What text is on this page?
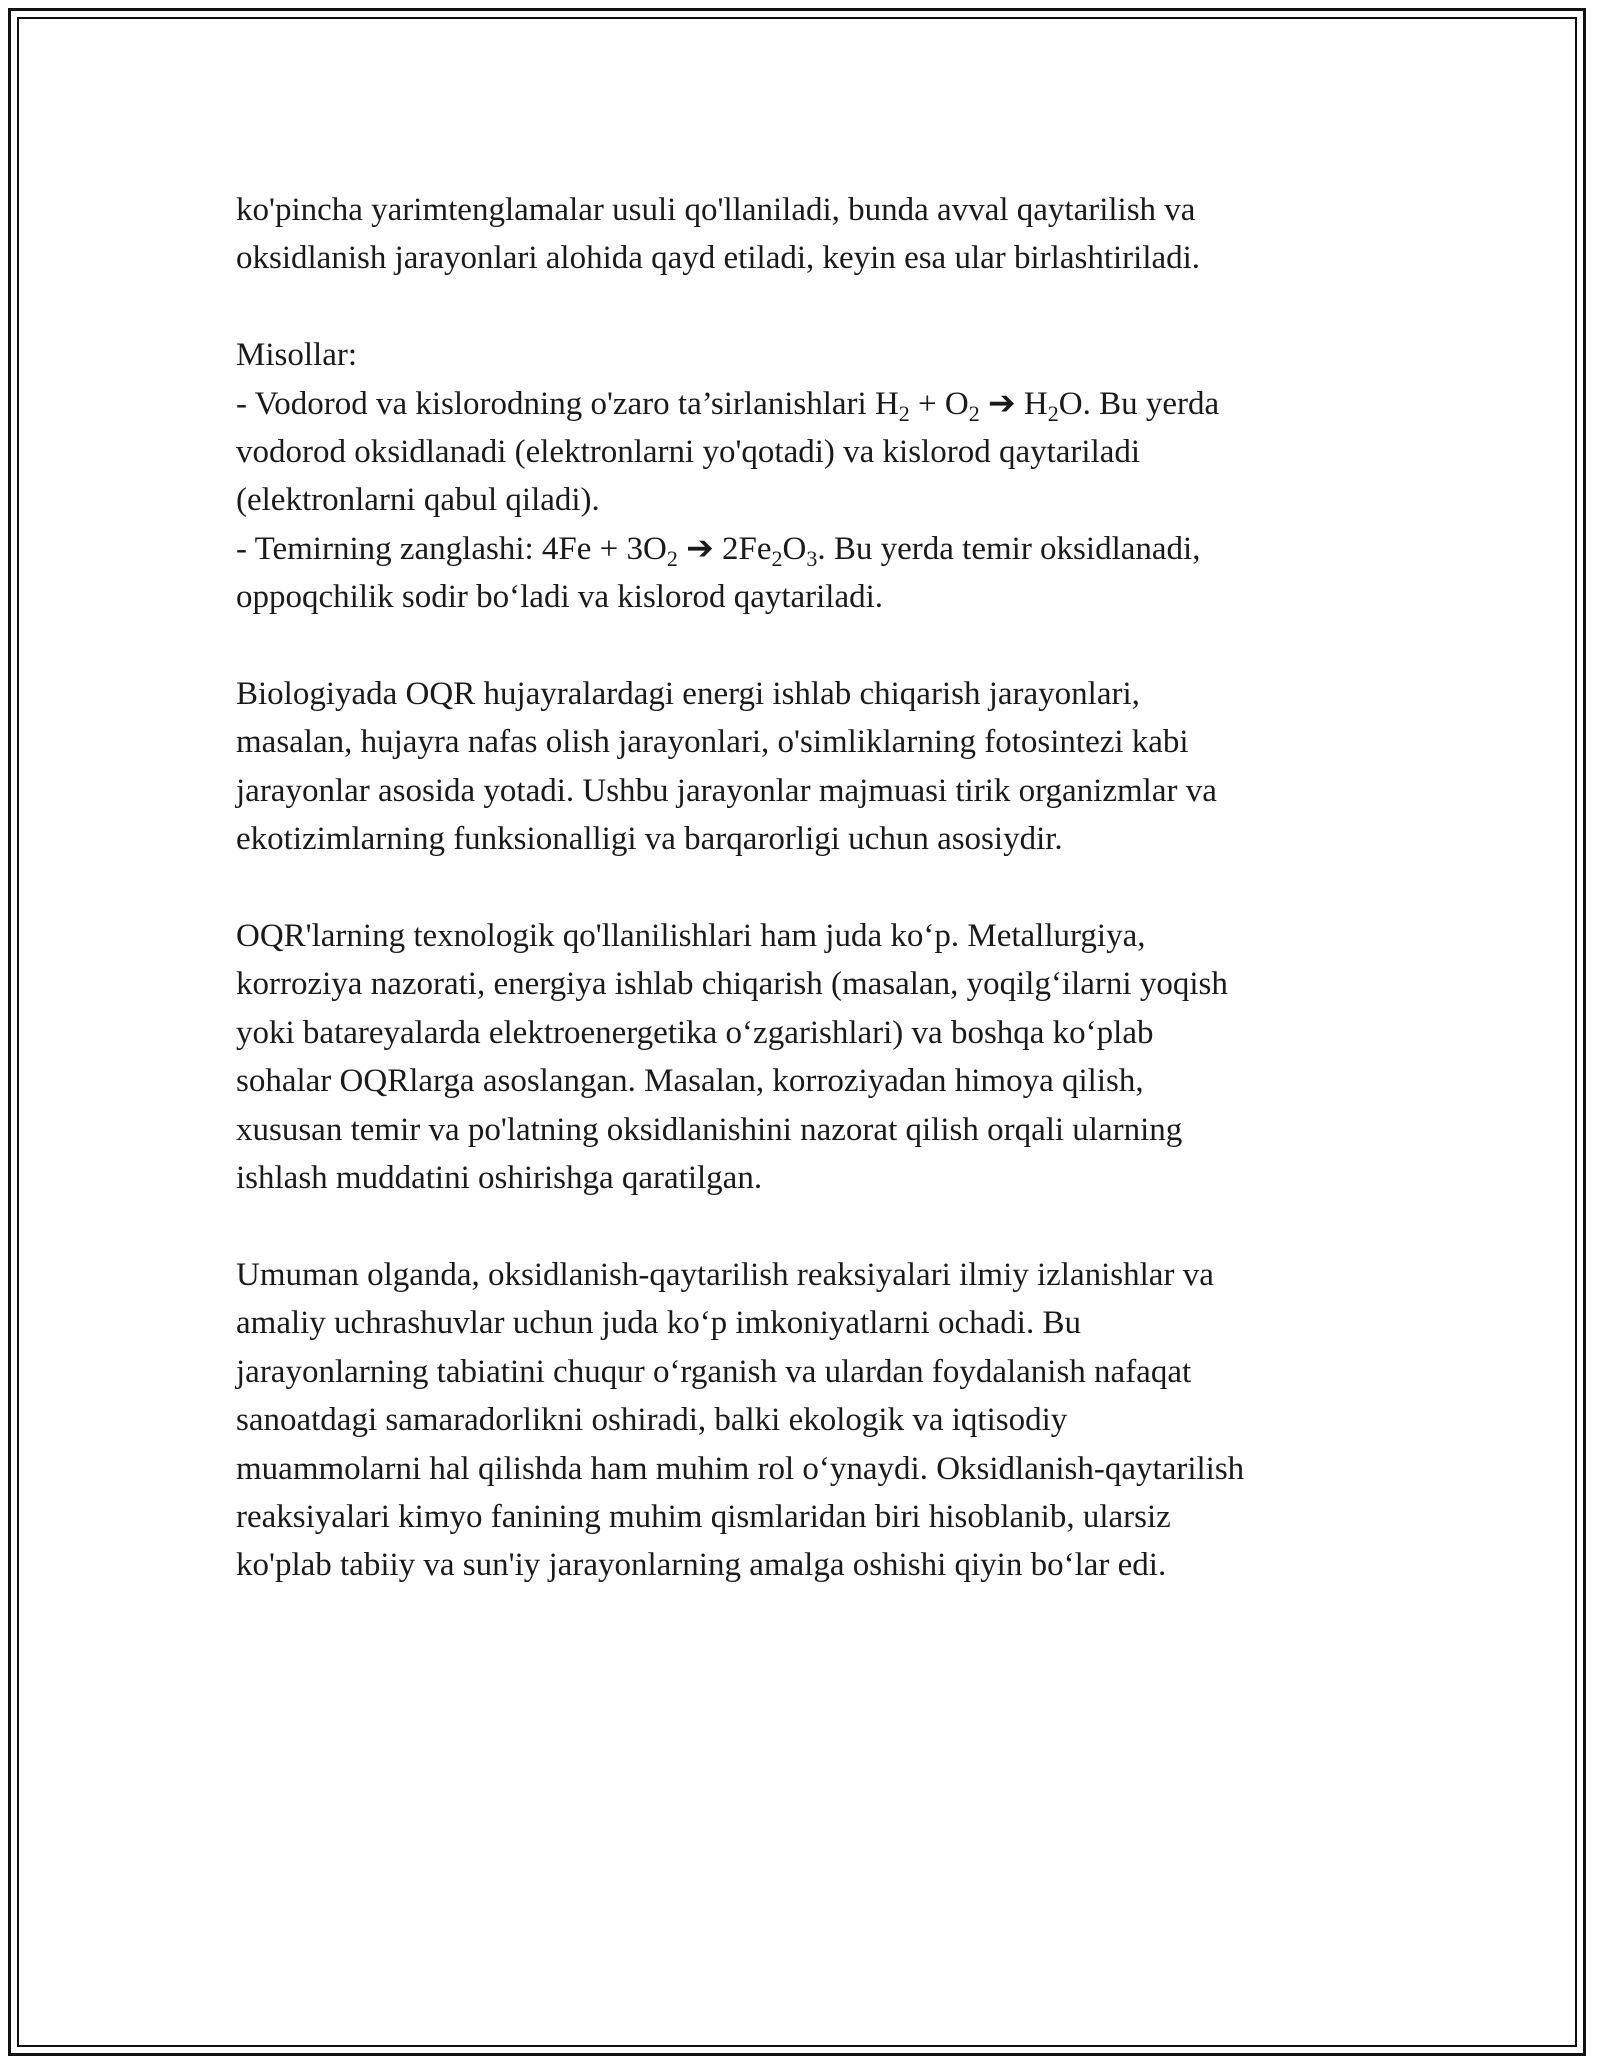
ko'pincha yarimtenglamalar usuli qo'llaniladi, bunda avval qaytarilish va
oksidlanish jarayonlari alohida qayd etiladi, keyin esa ular birlashtiriladi.

Misollar:
- Vodorod va kislorodning o'zaro ta’sirlanishlari $H_2 + O_2$ ➔ $H_2O$. Bu yerda
vodorod oksidlanadi (elektronlarni yo'qotadi) va kislorod qaytariladi
(elektronlarni qabul qiladi).
- Temirning zanglashi: $4Fe + 3O_2$ ➔ $2Fe_2O_3$. Bu yerda temir oksidlanadi,
oppoqchilik sodir bo‘ladi va kislorod qaytariladi.

Biologiyada OQR hujayralardagi energi ishlab chiqarish jarayonlari,
masalan, hujayra nafas olish jarayonlari, o'simliklarning fotosintezi kabi
jarayonlar asosida yotadi. Ushbu jarayonlar majmuasi tirik organizmlar va
ekotizimlarning funksionalligi va barqarorligi uchun asosiydir.

OQR'larning texnologik qo'llanilishlari ham juda ko‘p. Metallurgiya,
korroziya nazorati, energiya ishlab chiqarish (masalan, yoqilg‘ilarni yoqish
yoki batareyalarda elektroenergetika o‘zgarishlari) va boshqa ko‘plab
sohalar OQRlarga asoslangan. Masalan, korroziyadan himoya qilish,
xususan temir va po'latning oksidlanishini nazorat qilish orqali ularning
ishlash muddatini oshirishga qaratilgan.

Umuman olganda, oksidlanish-qaytarilish reaksiyalari ilmiy izlanishlar va
amaliy uchrashuvlar uchun juda ko‘p imkoniyatlarni ochadi. Bu
jarayonlarning tabiatini chuqur o‘rganish va ulardan foydalanish nafaqat
sanoatdagi samaradorlikni oshiradi, balki ekologik va iqtisodiy
muammolarni hal qilishda ham muhim rol o‘ynaydi. Oksidlanish-qaytarilish
reaksiyalari kimyo fanining muhim qismlaridan biri hisoblanib, ularsiz
ko'plab tabiiy va sun'iy jarayonlarning amalga oshishi qiyin bo‘lar edi.
